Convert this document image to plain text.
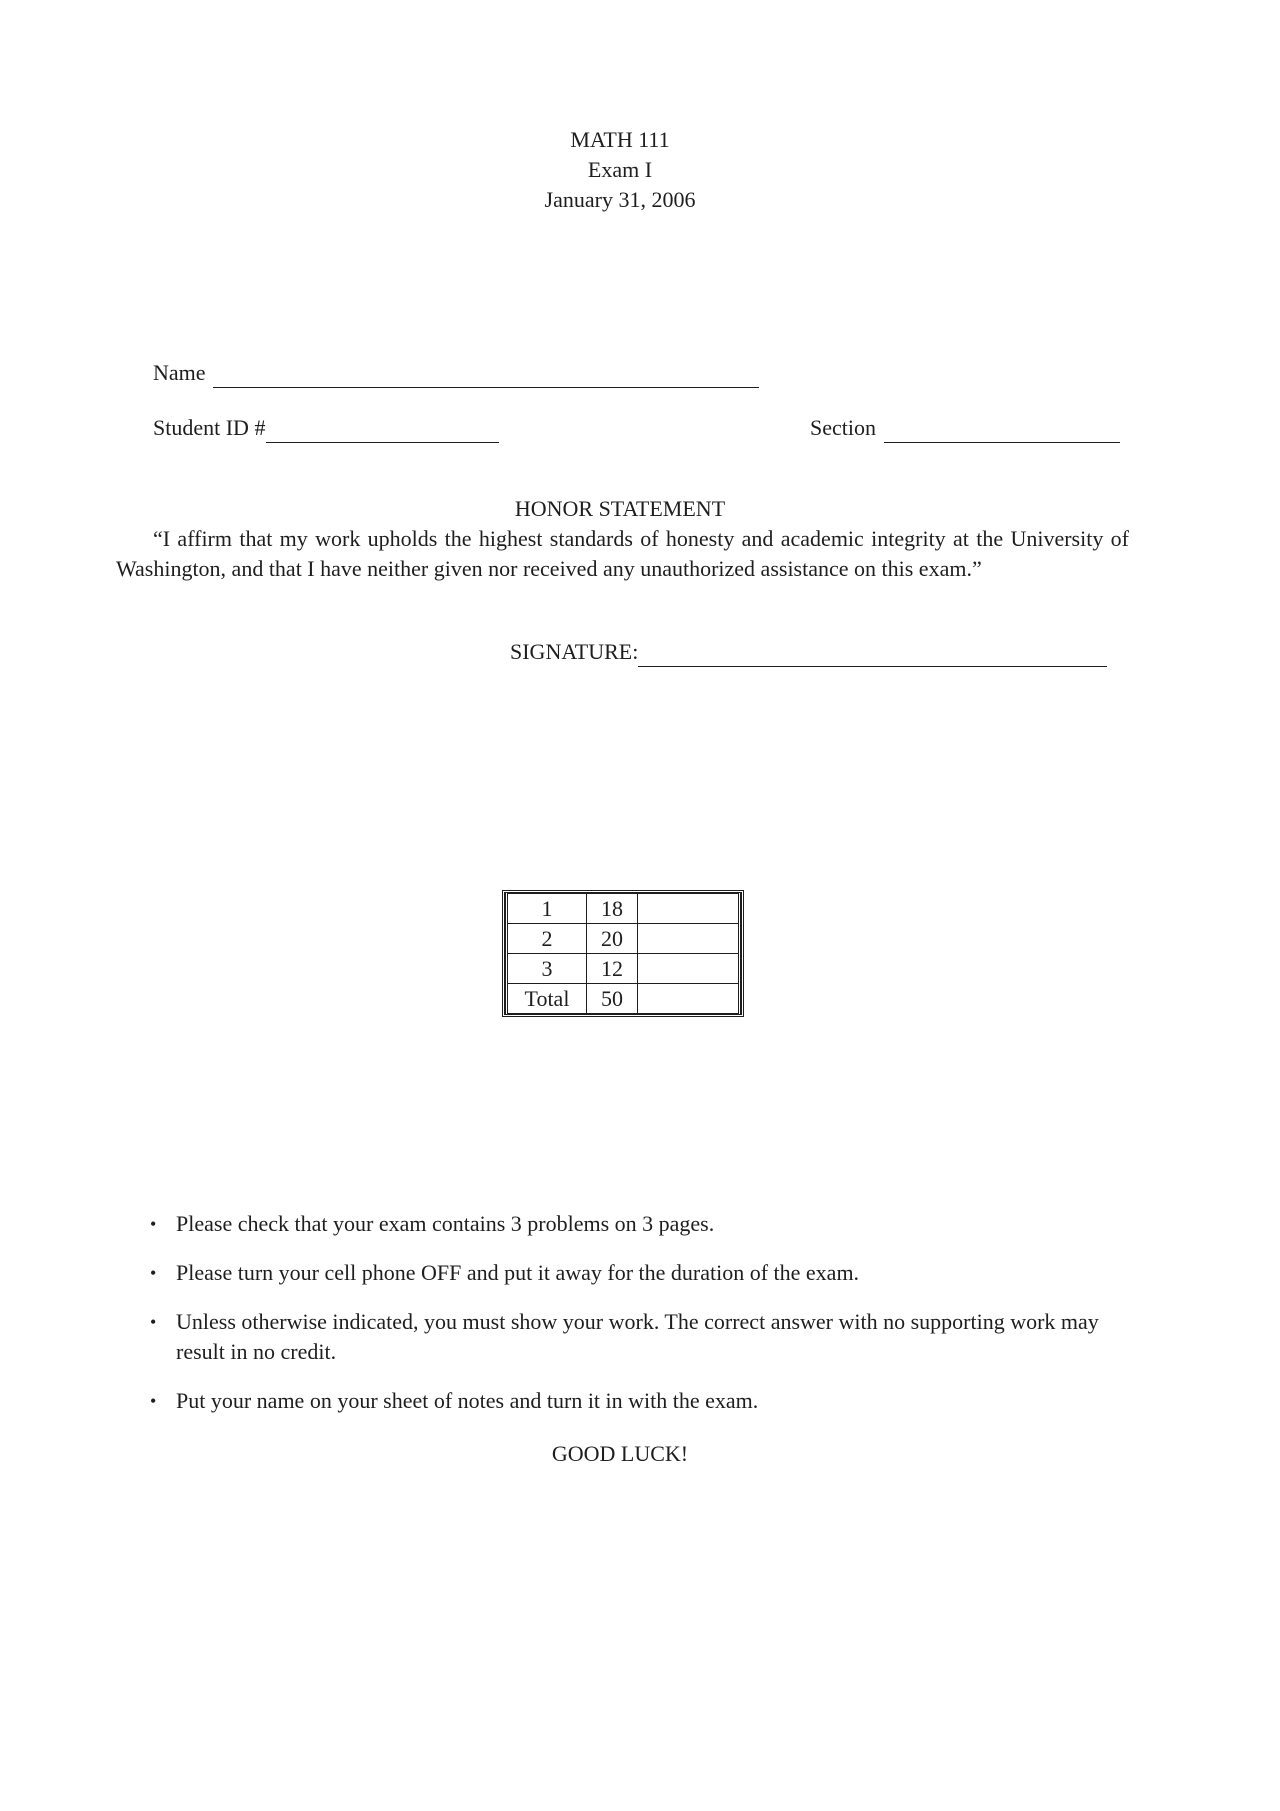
MATH 111
Exam I
January 31, 2006
Name
Student ID #	Section
HONOR STATEMENT
“I affirm that my work upholds the highest standards of honesty and academic integrity at the University of Washington, and that I have neither given nor received any unauthorized assistance on this exam.”
SIGNATURE:
1	18	
2	20	
3	12	
Total	50	
• Please check that your exam contains 3 problems on 3 pages.
• Please turn your cell phone OFF and put it away for the duration of the exam.
• Unless otherwise indicated, you must show your work. The correct answer with no supporting work may result in no credit.
• Put your name on your sheet of notes and turn it in with the exam.
GOOD LUCK!
